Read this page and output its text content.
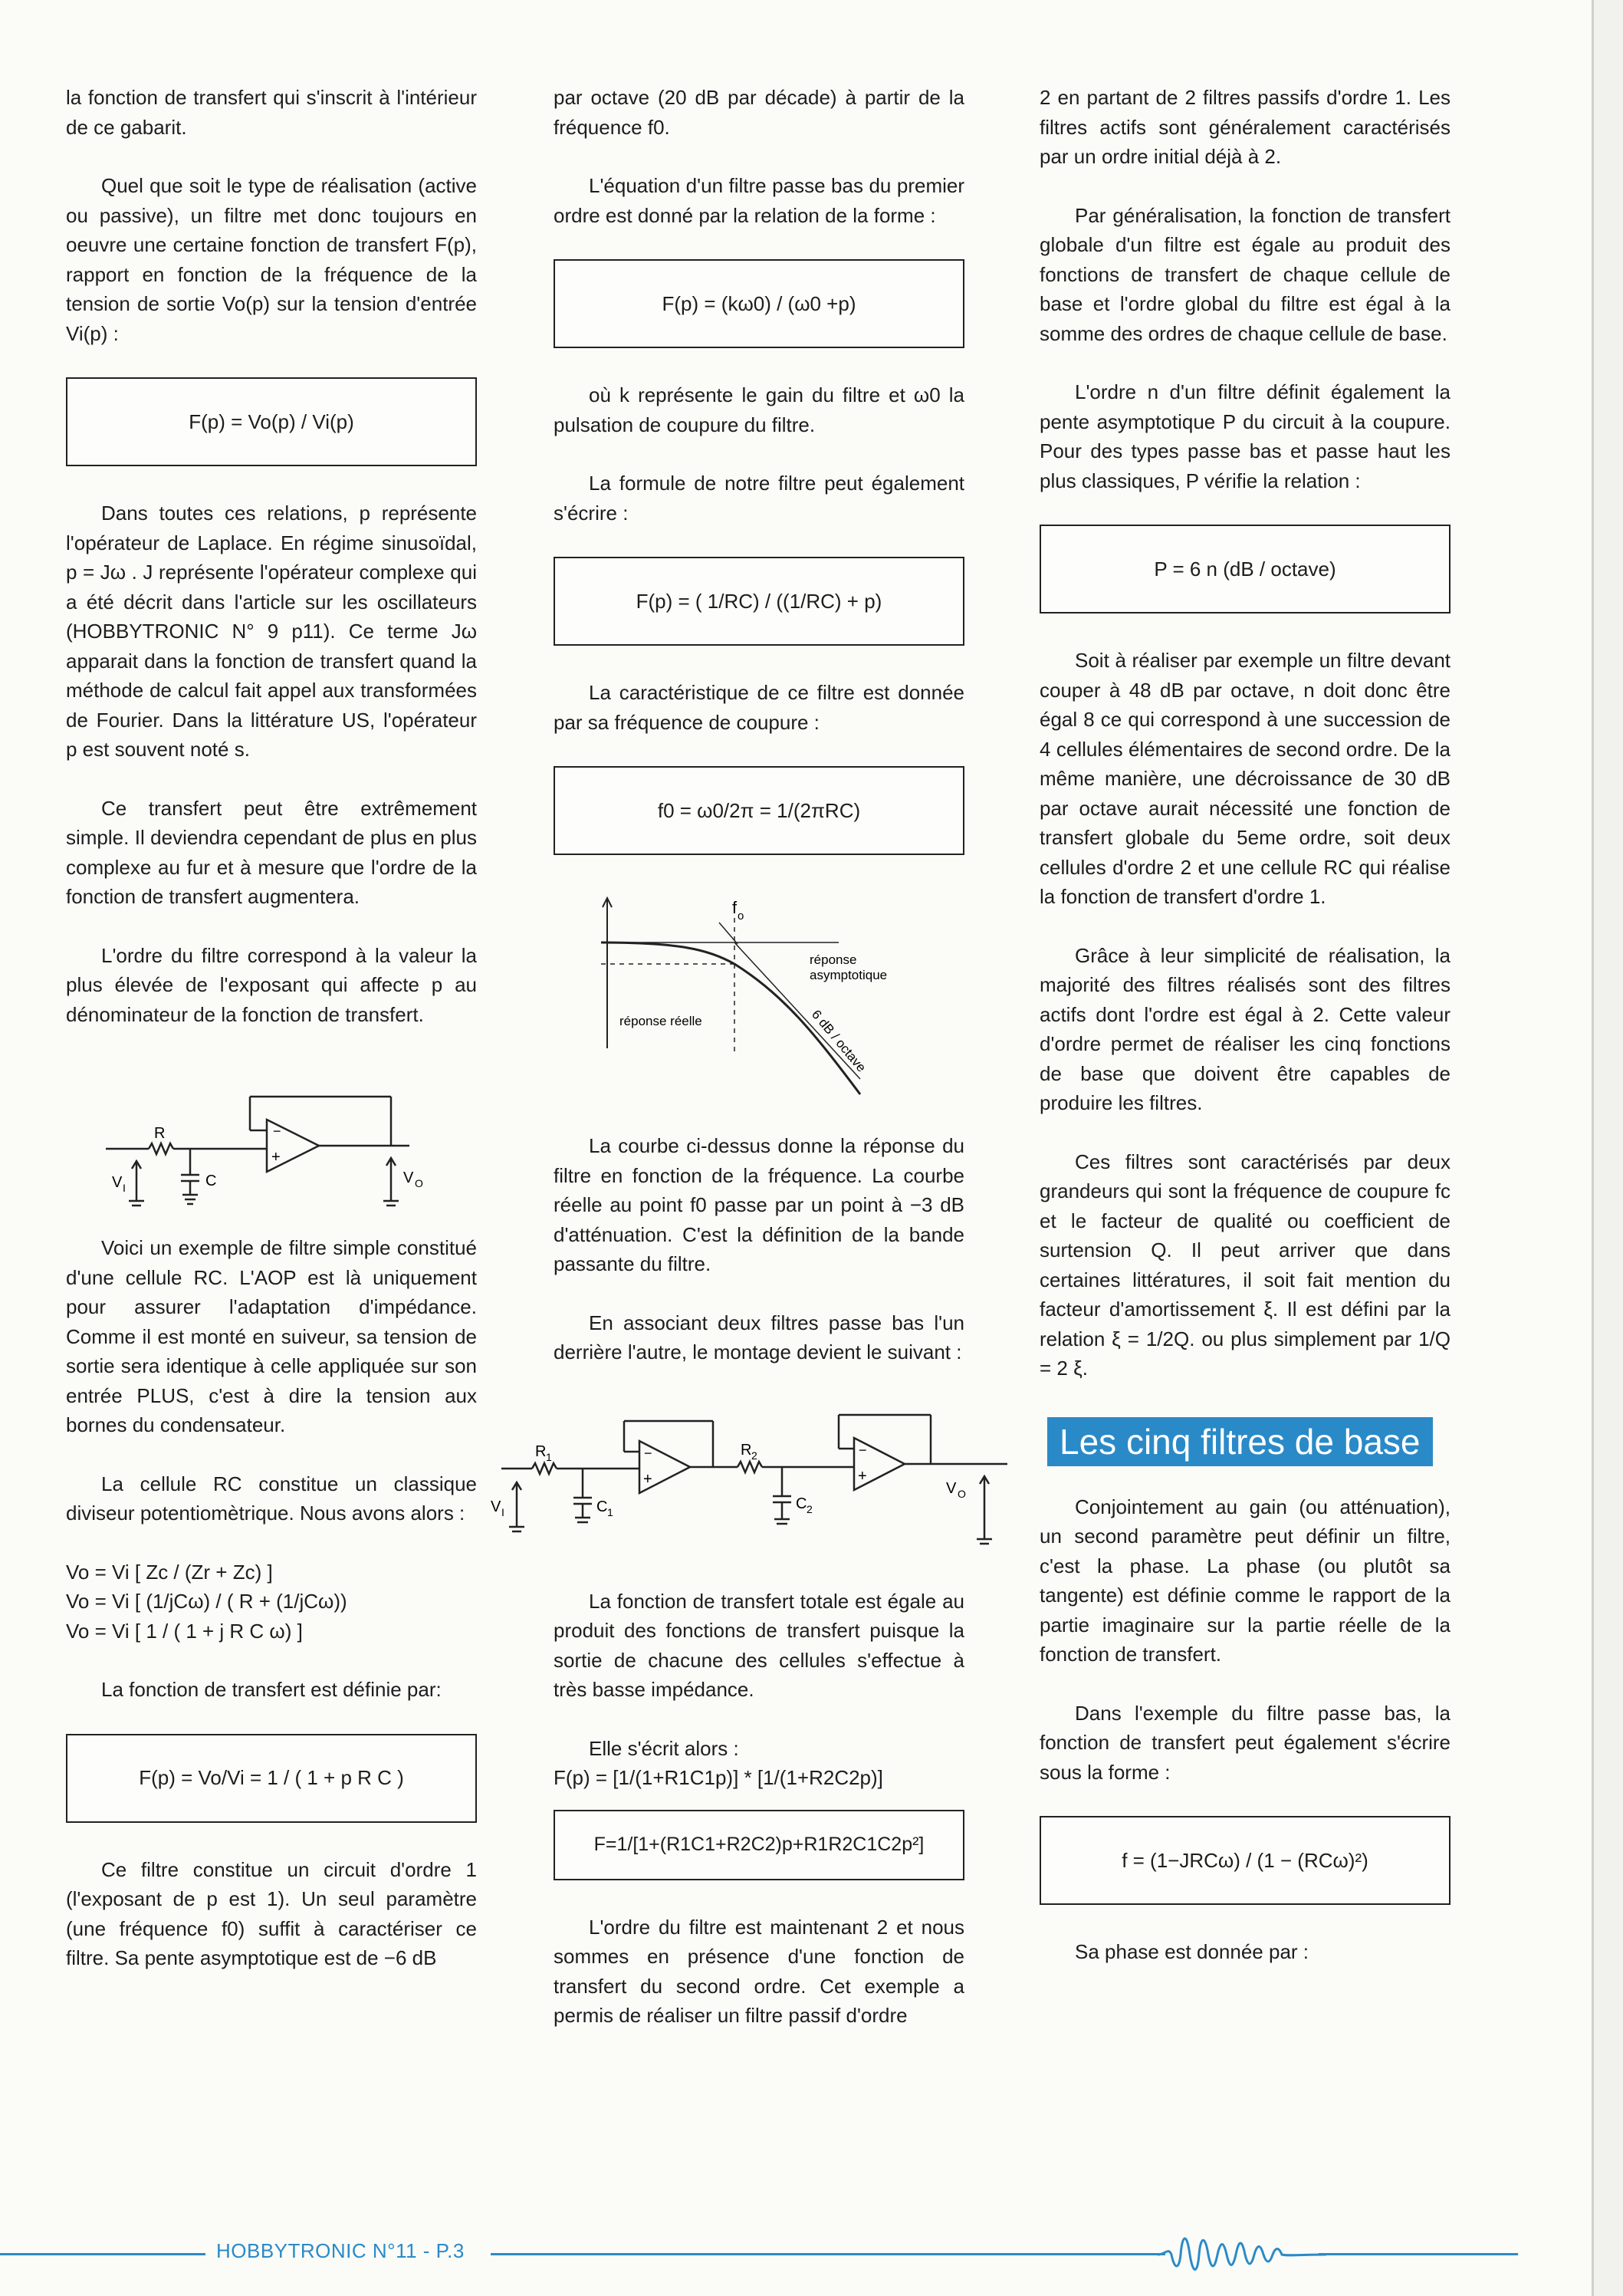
la fonction de transfert qui s'inscrit à l'intérieur de ce gabarit.

Quel que soit le type de réalisation (active ou passive), un filtre met donc toujours en oeuvre une certaine fonction de transfert F(p), rapport en fonction de la fréquence de la tension de sortie Vo(p) sur la tension d'entrée Vi(p) :

F(p) = Vo(p) / Vi(p)

Dans toutes ces relations, p représente l'opérateur de Laplace. En régime sinusoïdal, p = Jω . J représente l'opérateur complexe qui a été décrit dans l'article sur les oscillateurs (HOBBYTRONIC N° 9 p11). Ce terme Jω apparait dans la fonction de transfert quand la méthode de calcul fait appel aux transformées de Fourier. Dans la littérature US, l'opérateur p est souvent noté s.

Ce transfert peut être extrêmement simple. Il deviendra cependant de plus en plus complexe au fur et à mesure que l'ordre de la fonction de transfert augmentera.

L'ordre du filtre correspond à la valeur la plus élevée de l'exposant qui affecte p au dénominateur de la fonction de transfert.

−
+
R
C
V I
V O

Voici un exemple de filtre simple constitué d'une cellule RC. L'AOP est là uniquement pour assurer l'adaptation d'impédance. Comme il est monté en suiveur, sa tension de sortie sera identique à celle appliquée sur son entrée PLUS, c'est à dire la tension aux bornes du condensateur.

La cellule RC constitue un classique diviseur potentiomètrique. Nous avons alors :

Vo = Vi [ Zc / (Zr + Zc) ]

Vo = Vi [ (1/jCω) / ( R + (1/jCω))

Vo = Vi [ 1 / ( 1 + j R C ω) ]

La fonction de transfert est définie par:

F(p) = Vo/Vi = 1 / ( 1 + p R C )

Ce filtre constitue un circuit d'ordre 1 (l'exposant de p est 1). Un seul paramètre (une fréquence f0) suffit à caractériser ce filtre. Sa pente asymptotique est de −6 dB

par octave (20 dB par décade) à partir de la fréquence f0.

L'équation d'un filtre passe bas du premier ordre est donné par la relation de la forme :

F(p) = (kω0) / (ω0 +p)

où k représente le gain du filtre et ω0 la pulsation de coupure du filtre.

La formule de notre filtre peut également s'écrire :

F(p) = ( 1/RC) / ((1/RC) + p)

La caractéristique de ce filtre est donnée par sa fréquence de coupure :

f0 = ω0/2π = 1/(2πRC)
f o
réponse
asymptotique
réponse réelle	6 dB / octave

La courbe ci-dessus donne la réponse du filtre en fonction de la fréquence. La courbe réelle au point f0 passe par un point à −3 dB d'atténuation. C'est la définition de la bande passante du filtre.

En associant deux filtres passe bas l'un derrière l'autre, le montage devient le suivant :

−
+
−
+
R 1
C 1
R 2
C 2
V I
V O

La fonction de transfert totale est égale au produit des fonctions de transfert puisque la sortie de chacune des cellules s'effectue à très basse impédance.

Elle s'écrit alors :

F(p) = [1/(1+R1C1p)] * [1/(1+R2C2p)]

F=1/[1+(R1C1+R2C2)p+R1R2C1C2p²]

L'ordre du filtre est maintenant 2 et nous sommes en présence d'une fonction de transfert du second ordre. Cet exemple a permis de réaliser un filtre passif d'ordre

2 en partant de 2 filtres passifs d'ordre 1. Les filtres actifs sont généralement caractérisés par un ordre initial déjà à 2.

Par généralisation, la fonction de transfert globale d'un filtre est égale au produit des fonctions de transfert de chaque cellule de base et l'ordre global du filtre est égal à la somme des ordres de chaque cellule de base.

L'ordre n d'un filtre définit également la pente asymptotique P du circuit à la coupure. Pour des types passe bas et passe haut les plus classiques, P vérifie la relation :

P = 6 n (dB / octave)

Soit à réaliser par exemple un filtre devant couper à 48 dB par octave, n doit donc être égal 8 ce qui correspond à une succession de 4 cellules élémentaires de second ordre. De la même manière, une décroissance de 30 dB par octave aurait nécessité une fonction de transfert globale du 5eme ordre, soit deux cellules d'ordre 2 et une cellule RC qui réalise la fonction de transfert d'ordre 1.

Grâce à leur simplicité de réalisation, la majorité des filtres réalisés sont des filtres actifs dont l'ordre est égal à 2. Cette valeur d'ordre permet de réaliser les cinq fonctions de base que doivent être capables de produire les filtres.

Ces filtres sont caractérisés par deux grandeurs qui sont la fréquence de coupure fc et le facteur de qualité ou coefficient de surtension Q. Il peut arriver que dans certaines littératures, il soit fait mention du facteur d'amortissement ξ. Il est défini par la relation ξ = 1/2Q. ou plus simplement par 1/Q = 2 ξ.

Les cinq filtres de base

Conjointement au gain (ou atténuation), un second paramètre peut définir un filtre, c'est la phase. La phase (ou plutôt sa tangente) est définie comme le rapport de la partie imaginaire sur la partie réelle de la fonction de transfert.

Dans l'exemple du filtre passe bas, la fonction de transfert peut également s'écrire sous la forme :

f = (1−JRCω) / (1 − (RCω)²)

Sa phase est donnée par :

HOBBYTRONIC N°11 - P.3
